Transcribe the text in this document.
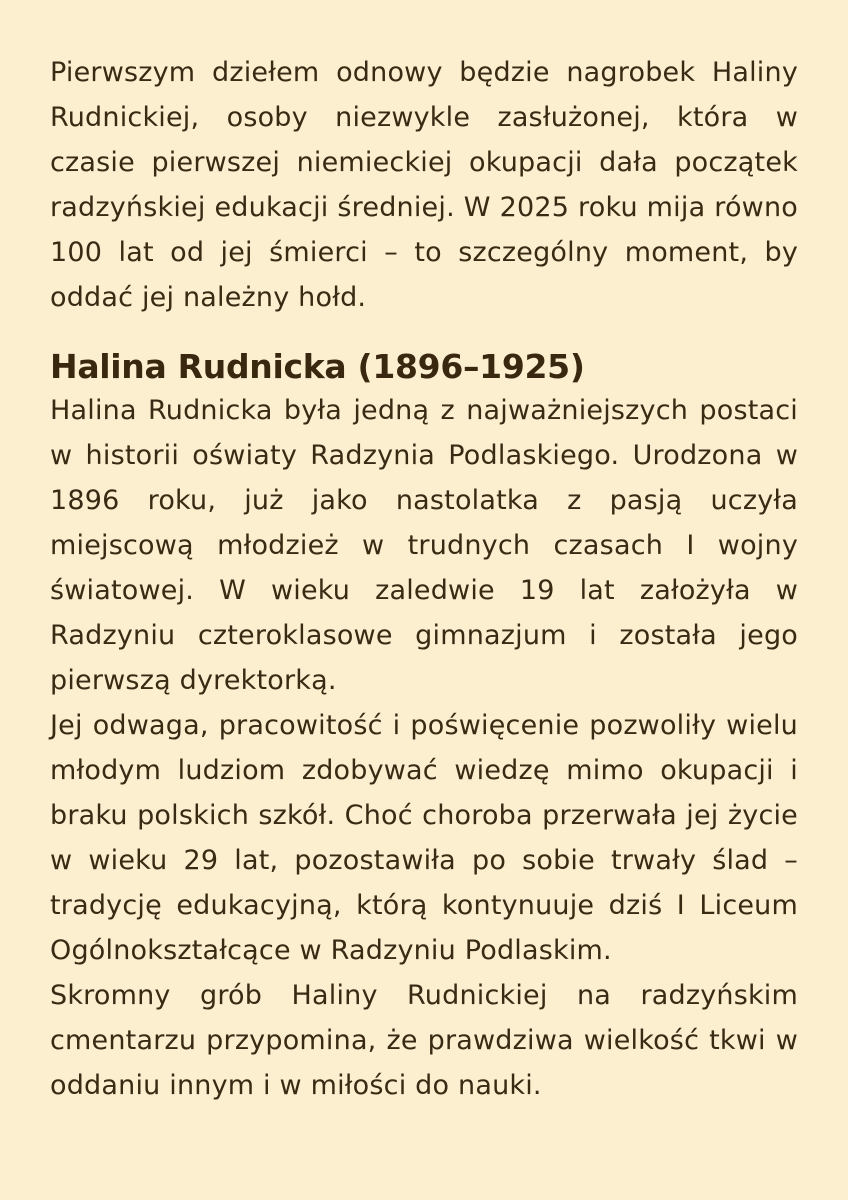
Pierwszym dziełem odnowy będzie nagrobek Haliny Rudnickiej, osoby niezwykle zasłużonej, która w czasie pierwszej niemieckiej okupacji dała początek radzyńskiej edukacji średniej. W 2025 roku mija równo 100 lat od jej śmierci – to szczególny moment, by oddać jej należny hołd.

Halina Rudnicka (1896–1925)

Halina Rudnicka była jedną z najważniejszych postaci w historii oświaty Radzynia Podlaskiego. Urodzona w 1896 roku, już jako nastolatka z pasją uczyła miejscową młodzież w trudnych czasach I wojny światowej. W wieku zaledwie 19 lat założyła w Radzyniu czteroklasowe gimnazjum i została jego pierwszą dyrektorką.

Jej odwaga, pracowitość i poświęcenie pozwoliły wielu młodym ludziom zdobywać wiedzę mimo okupacji i braku polskich szkół. Choć choroba przerwała jej życie w wieku 29 lat, pozostawiła po sobie trwały ślad – tradycję edukacyjną, którą kontynuuje dziś I Liceum Ogólnokształcące w Radzyniu Podlaskim.

Skromny grób Haliny Rudnickiej na radzyńskim cmentarzu przypomina, że prawdziwa wielkość tkwi w oddaniu innym i w miłości do nauki.
